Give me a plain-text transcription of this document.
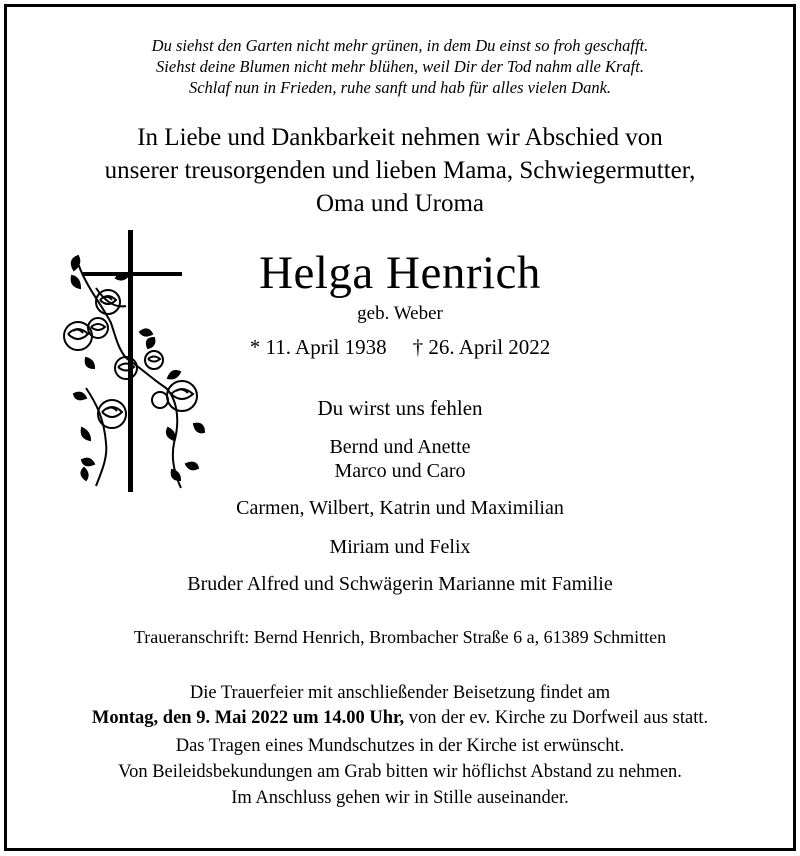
Du siehst den Garten nicht mehr grünen, in dem Du einst so froh geschafft.

Siehst deine Blumen nicht mehr blühen, weil Dir der Tod nahm alle Kraft.

Schlaf nun in Frieden, ruhe sanft und hab für alles vielen Dank.

In Liebe und Dankbarkeit nehmen wir Abschied von

unserer treusorgenden und lieben Mama, Schwiegermutter,

Oma und Uroma

Helga Henrich

geb. Weber

* 11. April 1938 † 26. April 2022

Du wirst uns fehlen

Bernd und Anette

Marco und Caro

Carmen, Wilbert, Katrin und Maximilian

Miriam und Felix

Bruder Alfred und Schwägerin Marianne mit Familie

Traueranschrift: Bernd Henrich, Brombacher Straße 6 a, 61389 Schmitten

Die Trauerfeier mit anschließender Beisetzung findet am

Montag, den 9. Mai 2022 um 14.00 Uhr, von der ev. Kirche zu Dorfweil aus statt.

Das Tragen eines Mundschutzes in der Kirche ist erwünscht.

Von Beileidsbekundungen am Grab bitten wir höflichst Abstand zu nehmen.

Im Anschluss gehen wir in Stille auseinander.
